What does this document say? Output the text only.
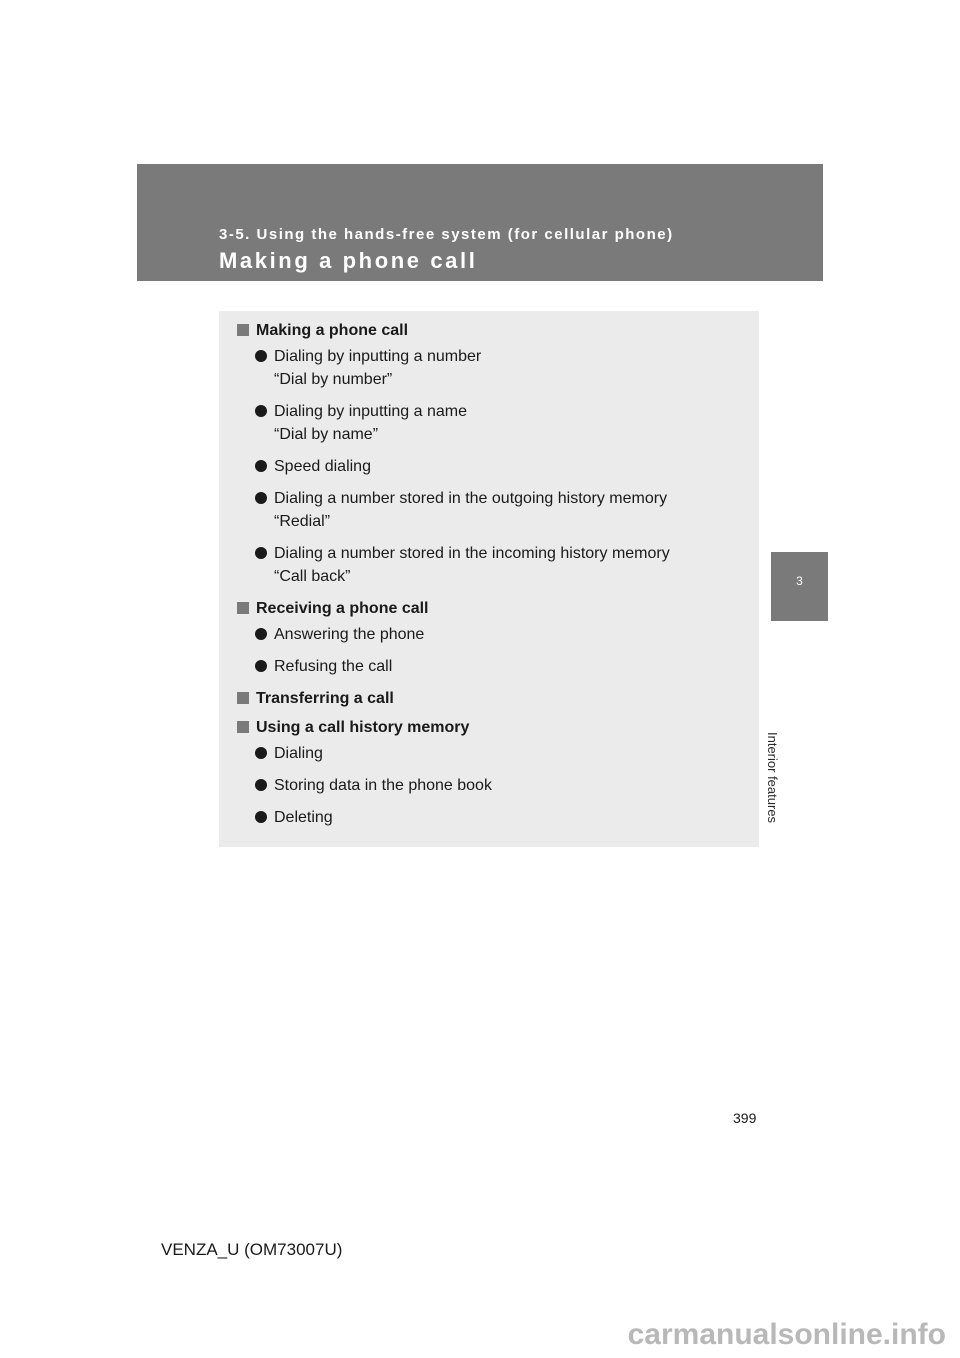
3-5. Using the hands-free system (for cellular phone)
Making a phone call
3
Interior features
Making a phone call
Dialing by inputting a number
“Dial by number”
Dialing by inputting a name
“Dial by name”
Speed dialing
Dialing a number stored in the outgoing history memory
“Redial”
Dialing a number stored in the incoming history memory
“Call back”
Receiving a phone call
Answering the phone
Refusing the call
Transferring a call
Using a call history memory
Dialing
Storing data in the phone book
Deleting
399
VENZA_U (OM73007U)
carmanualsonline.info
